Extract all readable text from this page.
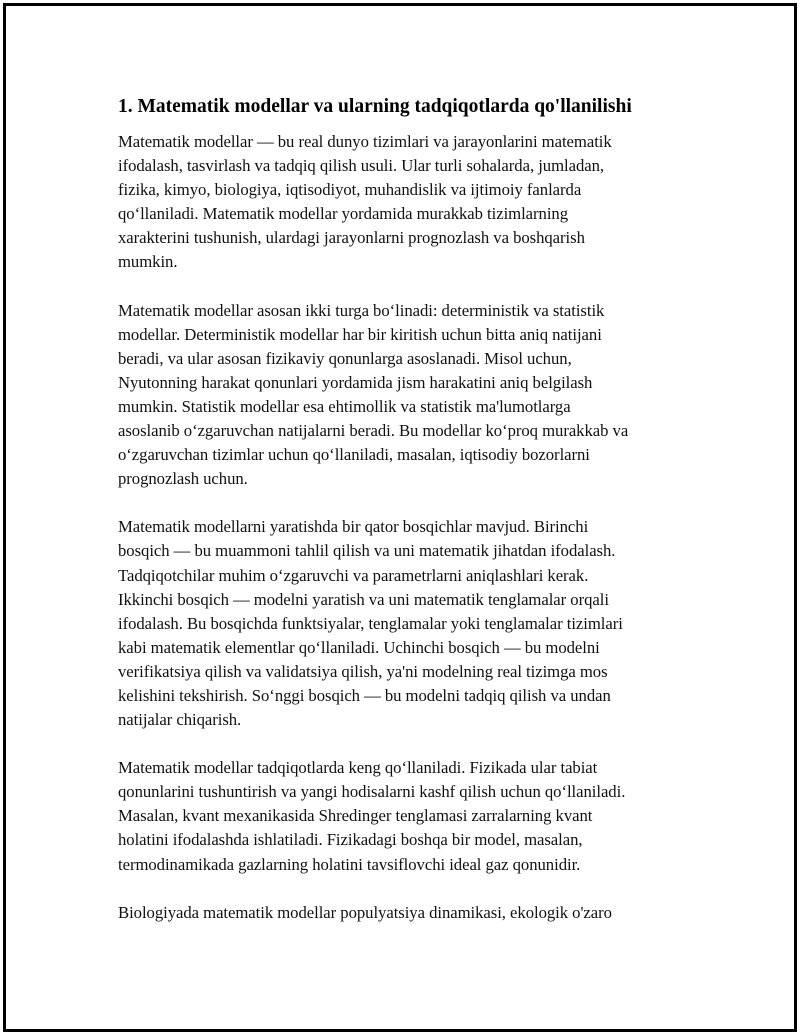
1. Matematik modellar va ularning tadqiqotlarda qo'llanilishi
Matematik modellar — bu real dunyo tizimlari va jarayonlarini matematik
ifodalash, tasvirlash va tadqiq qilish usuli. Ular turli sohalarda, jumladan,
fizika, kimyo, biologiya, iqtisodiyot, muhandislik va ijtimoiy fanlarda
qo‘llaniladi. Matematik modellar yordamida murakkab tizimlarning
xarakterini tushunish, ulardagi jarayonlarni prognozlash va boshqarish
mumkin.
Matematik modellar asosan ikki turga bo‘linadi: deterministik va statistik
modellar. Deterministik modellar har bir kiritish uchun bitta aniq natijani
beradi, va ular asosan fizikaviy qonunlarga asoslanadi. Misol uchun,
Nyutonning harakat qonunlari yordamida jism harakatini aniq belgilash
mumkin. Statistik modellar esa ehtimollik va statistik ma'lumotlarga
asoslanib o‘zgaruvchan natijalarni beradi. Bu modellar ko‘proq murakkab va
o‘zgaruvchan tizimlar uchun qo‘llaniladi, masalan, iqtisodiy bozorlarni
prognozlash uchun.
Matematik modellarni yaratishda bir qator bosqichlar mavjud. Birinchi
bosqich — bu muammoni tahlil qilish va uni matematik jihatdan ifodalash.
Tadqiqotchilar muhim o‘zgaruvchi va parametrlarni aniqlashlari kerak.
Ikkinchi bosqich — modelni yaratish va uni matematik tenglamalar orqali
ifodalash. Bu bosqichda funktsiyalar, tenglamalar yoki tenglamalar tizimlari
kabi matematik elementlar qo‘llaniladi. Uchinchi bosqich — bu modelni
verifikatsiya qilish va validatsiya qilish, ya'ni modelning real tizimga mos
kelishini tekshirish. So‘nggi bosqich — bu modelni tadqiq qilish va undan
natijalar chiqarish.
Matematik modellar tadqiqotlarda keng qo‘llaniladi. Fizikada ular tabiat
qonunlarini tushuntirish va yangi hodisalarni kashf qilish uchun qo‘llaniladi.
Masalan, kvant mexanikasida Shredinger tenglamasi zarralarning kvant
holatini ifodalashda ishlatiladi. Fizikadagi boshqa bir model, masalan,
termodinamikada gazlarning holatini tavsiflovchi ideal gaz qonunidir.
Biologiyada matematik modellar populyatsiya dinamikasi, ekologik o'zaro
